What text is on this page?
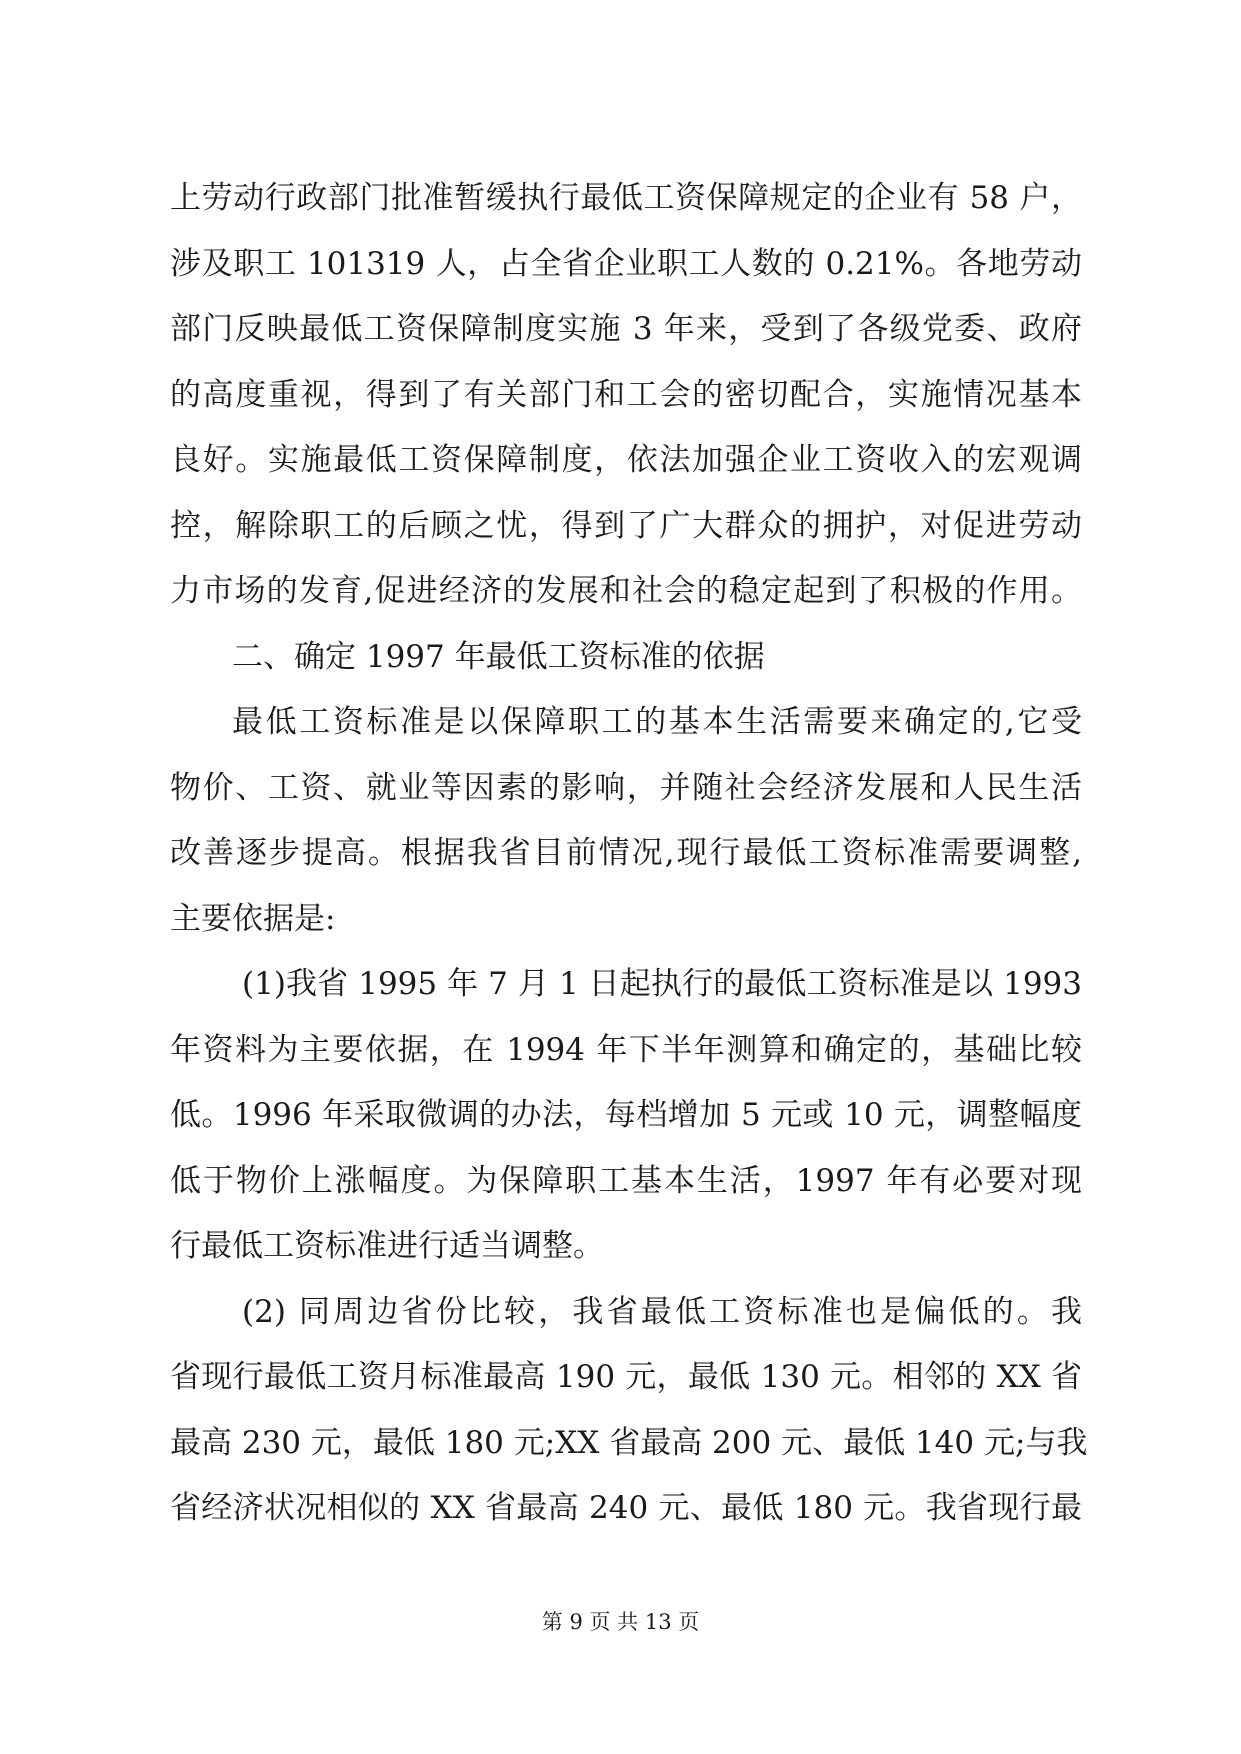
上劳动行政部门批准暂缓执行最低工资保障规定的企业有 58 户，
涉及职工 101319 人，占全省企业职工人数的 0.21%。各地劳动
部门反映最低工资保障制度实施 3 年来，受到了各级党委、政府
的高度重视，得到了有关部门和工会的密切配合，实施情况基本
良好。实施最低工资保障制度，依法加强企业工资收入的宏观调
控，解除职工的后顾之忧，得到了广大群众的拥护，对促进劳动
力市场的发育,促进经济的发展和社会的稳定起到了积极的作用。
二、确定 1997 年最低工资标准的依据
最低工资标准是以保障职工的基本生活需要来确定的,它受
物价、工资、就业等因素的影响，并随社会经济发展和人民生活
改善逐步提高。根据我省目前情况,现行最低工资标准需要调整,
主要依据是:
(1)我省 1995 年 7 月 1 日起执行的最低工资标准是以 1993
年资料为主要依据，在 1994 年下半年测算和确定的，基础比较
低。1996 年采取微调的办法，每档增加 5 元或 10 元，调整幅度
低于物价上涨幅度。为保障职工基本生活，1997 年有必要对现
行最低工资标准进行适当调整。
(2) 同周边省份比较，我省最低工资标准也是偏低的。我
省现行最低工资月标准最高 190 元，最低 130 元。相邻的 XX 省
最高 230 元，最低 180 元;XX 省最高 200 元、最低 140 元;与我
省经济状况相似的 XX 省最高 240 元、最低 180 元。我省现行最
第 9 页 共 13 页
